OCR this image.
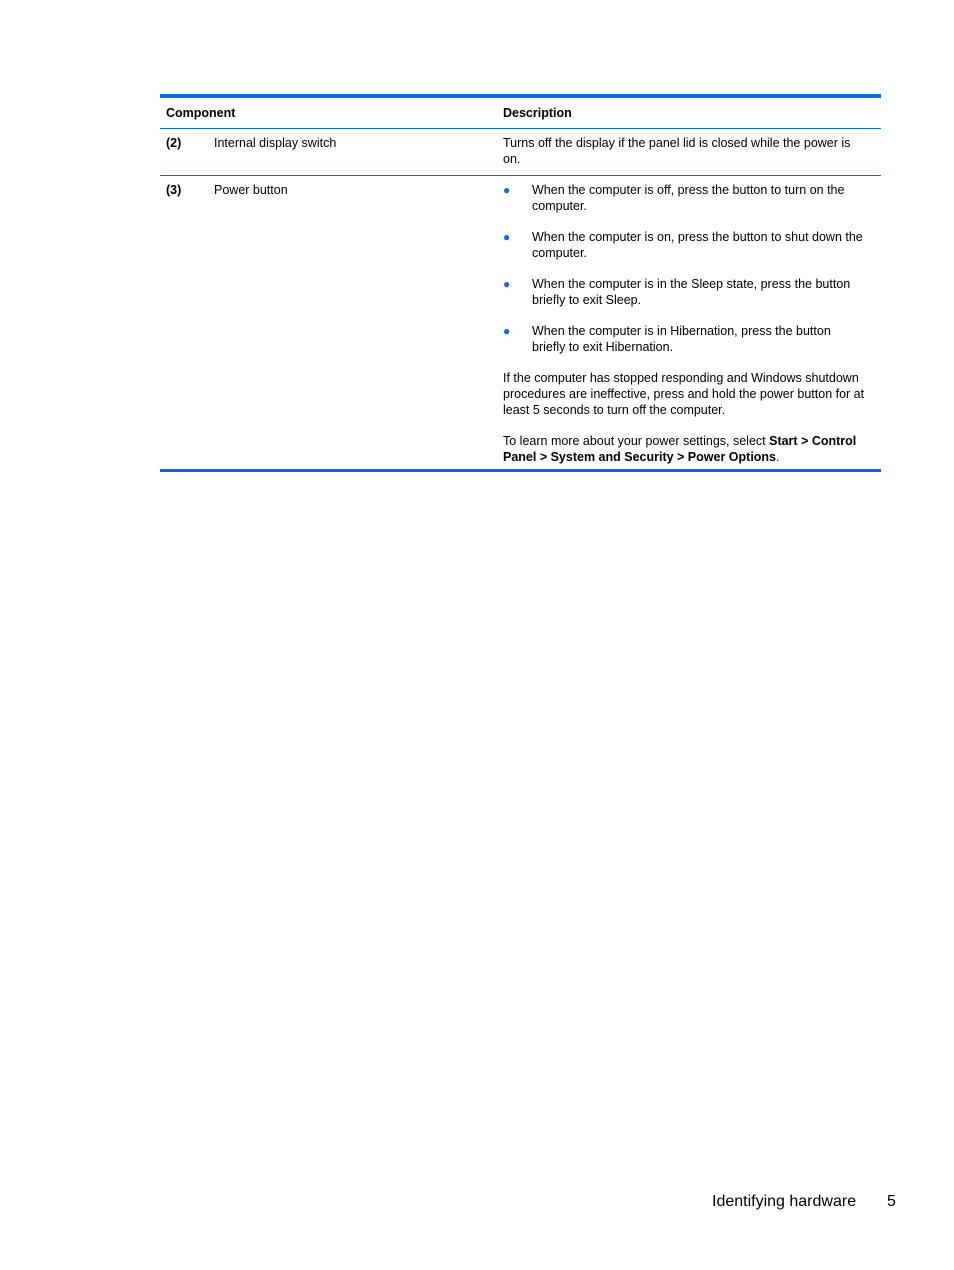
Component	Description
(2)	Internal display switch	Turns off the display if the panel lid is closed while the power is on.
(3)	Power button	● When the computer is off, press the button to turn on the computer.
● When the computer is on, press the button to shut down the computer.
● When the computer is in the Sleep state, press the button briefly to exit Sleep.
● When the computer is in Hibernation, press the button briefly to exit Hibernation.
If the computer has stopped responding and Windows shutdown procedures are ineffective, press and hold the power button for at least 5 seconds to turn off the computer.
To learn more about your power settings, select Start > Control Panel > System and Security > Power Options.
Identifying hardware 5
